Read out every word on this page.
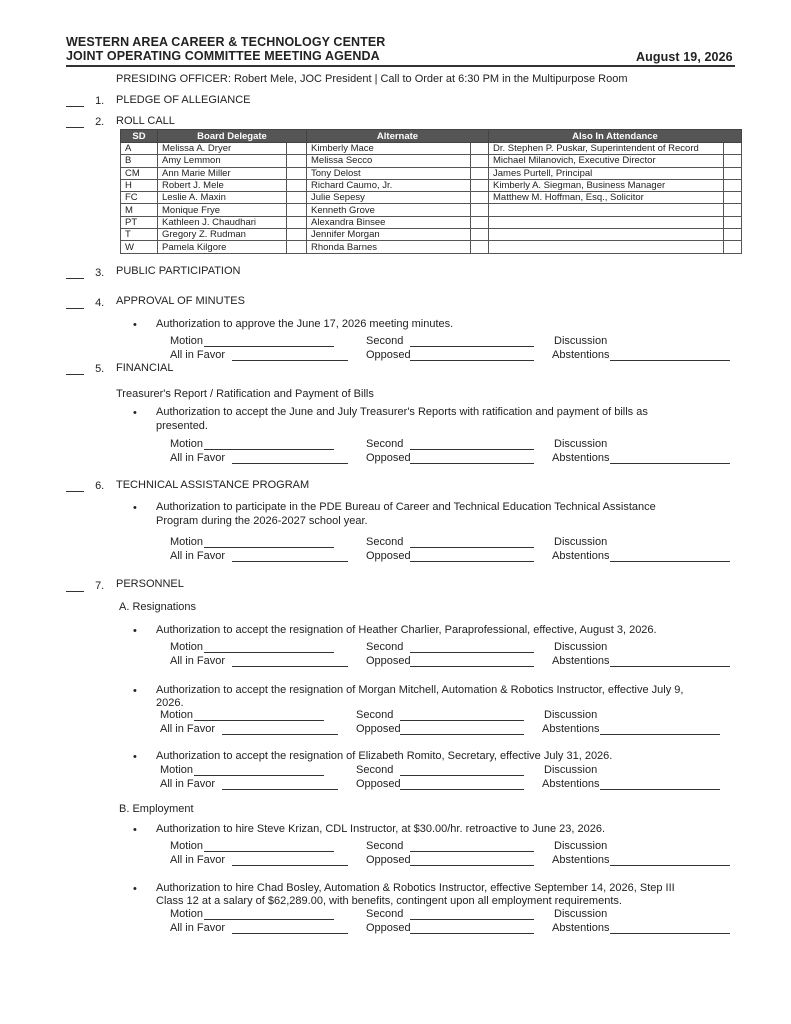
WESTERN AREA CAREER & TECHNOLOGY CENTER
JOINT OPERATING COMMITTEE MEETING AGENDA	August 19, 2026
PRESIDING OFFICER: Robert Mele, JOC President | Call to Order at 6:30 PM in the Multipurpose Room
1. PLEDGE OF ALLEGIANCE
2. ROLL CALL
SD	Board Delegate		Alternate		Also In Attendance	
A	Melissa A. Dryer		Kimberly Mace		Dr. Stephen P. Puskar, Superintendent of Record	
B	Amy Lemmon		Melissa Secco		Michael Milanovich, Executive Director	
CM	Ann Marie Miller		Tony Delost		James Purtell, Principal	
H	Robert J. Mele		Richard Caumo, Jr.		Kimberly A. Siegman, Business Manager	
FC	Leslie A. Maxin		Julie Sepesy		Matthew M. Hoffman, Esq., Solicitor	
M	Monique Frye		Kenneth Grove			
PT	Kathleen J. Chaudhari		Alexandra Binsee			
T	Gregory Z. Rudman		Jennifer Morgan			
W	Pamela Kilgore		Rhonda Barnes			
3. PUBLIC PARTICIPATION
4. APPROVAL OF MINUTES
• Authorization to approve the June 17, 2026 meeting minutes.
5. FINANCIAL
Treasurer's Report / Ratification and Payment of Bills
• Authorization to accept the June and July Treasurer's Reports with ratification and payment of bills as
presented.
6. TECHNICAL ASSISTANCE PROGRAM
• Authorization to participate in the PDE Bureau of Career and Technical Education Technical Assistance
Program during the 2026-2027 school year.
7. PERSONNEL
A. Resignations
• Authorization to accept the resignation of Heather Charlier, Paraprofessional, effective, August 3, 2026.
• Authorization to accept the resignation of Morgan Mitchell, Automation & Robotics Instructor, effective July 9,
2026.
• Authorization to accept the resignation of Elizabeth Romito, Secretary, effective July 31, 2026.
B. Employment
• Authorization to hire Steve Krizan, CDL Instructor, at $30.00/hr. retroactive to June 23, 2026.
• Authorization to hire Chad Bosley, Automation & Robotics Instructor, effective September 14, 2026, Step III
Class 12 at a salary of $62,289.00, with benefits, contingent upon all employment requirements.
Motion	Second	Discussion
All in Favor	Opposed	Abstentions
Motion	Second	Discussion
All in Favor	Opposed	Abstentions
Motion	Second	Discussion
All in Favor	Opposed	Abstentions
Motion	Second	Discussion
All in Favor	Opposed	Abstentions
Motion	Second	Discussion
All in Favor	Opposed	Abstentions
Motion	Second	Discussion
All in Favor	Opposed	Abstentions
Motion	Second	Discussion
All in Favor	Opposed	Abstentions
Motion	Second	Discussion
All in Favor	Opposed	Abstentions
